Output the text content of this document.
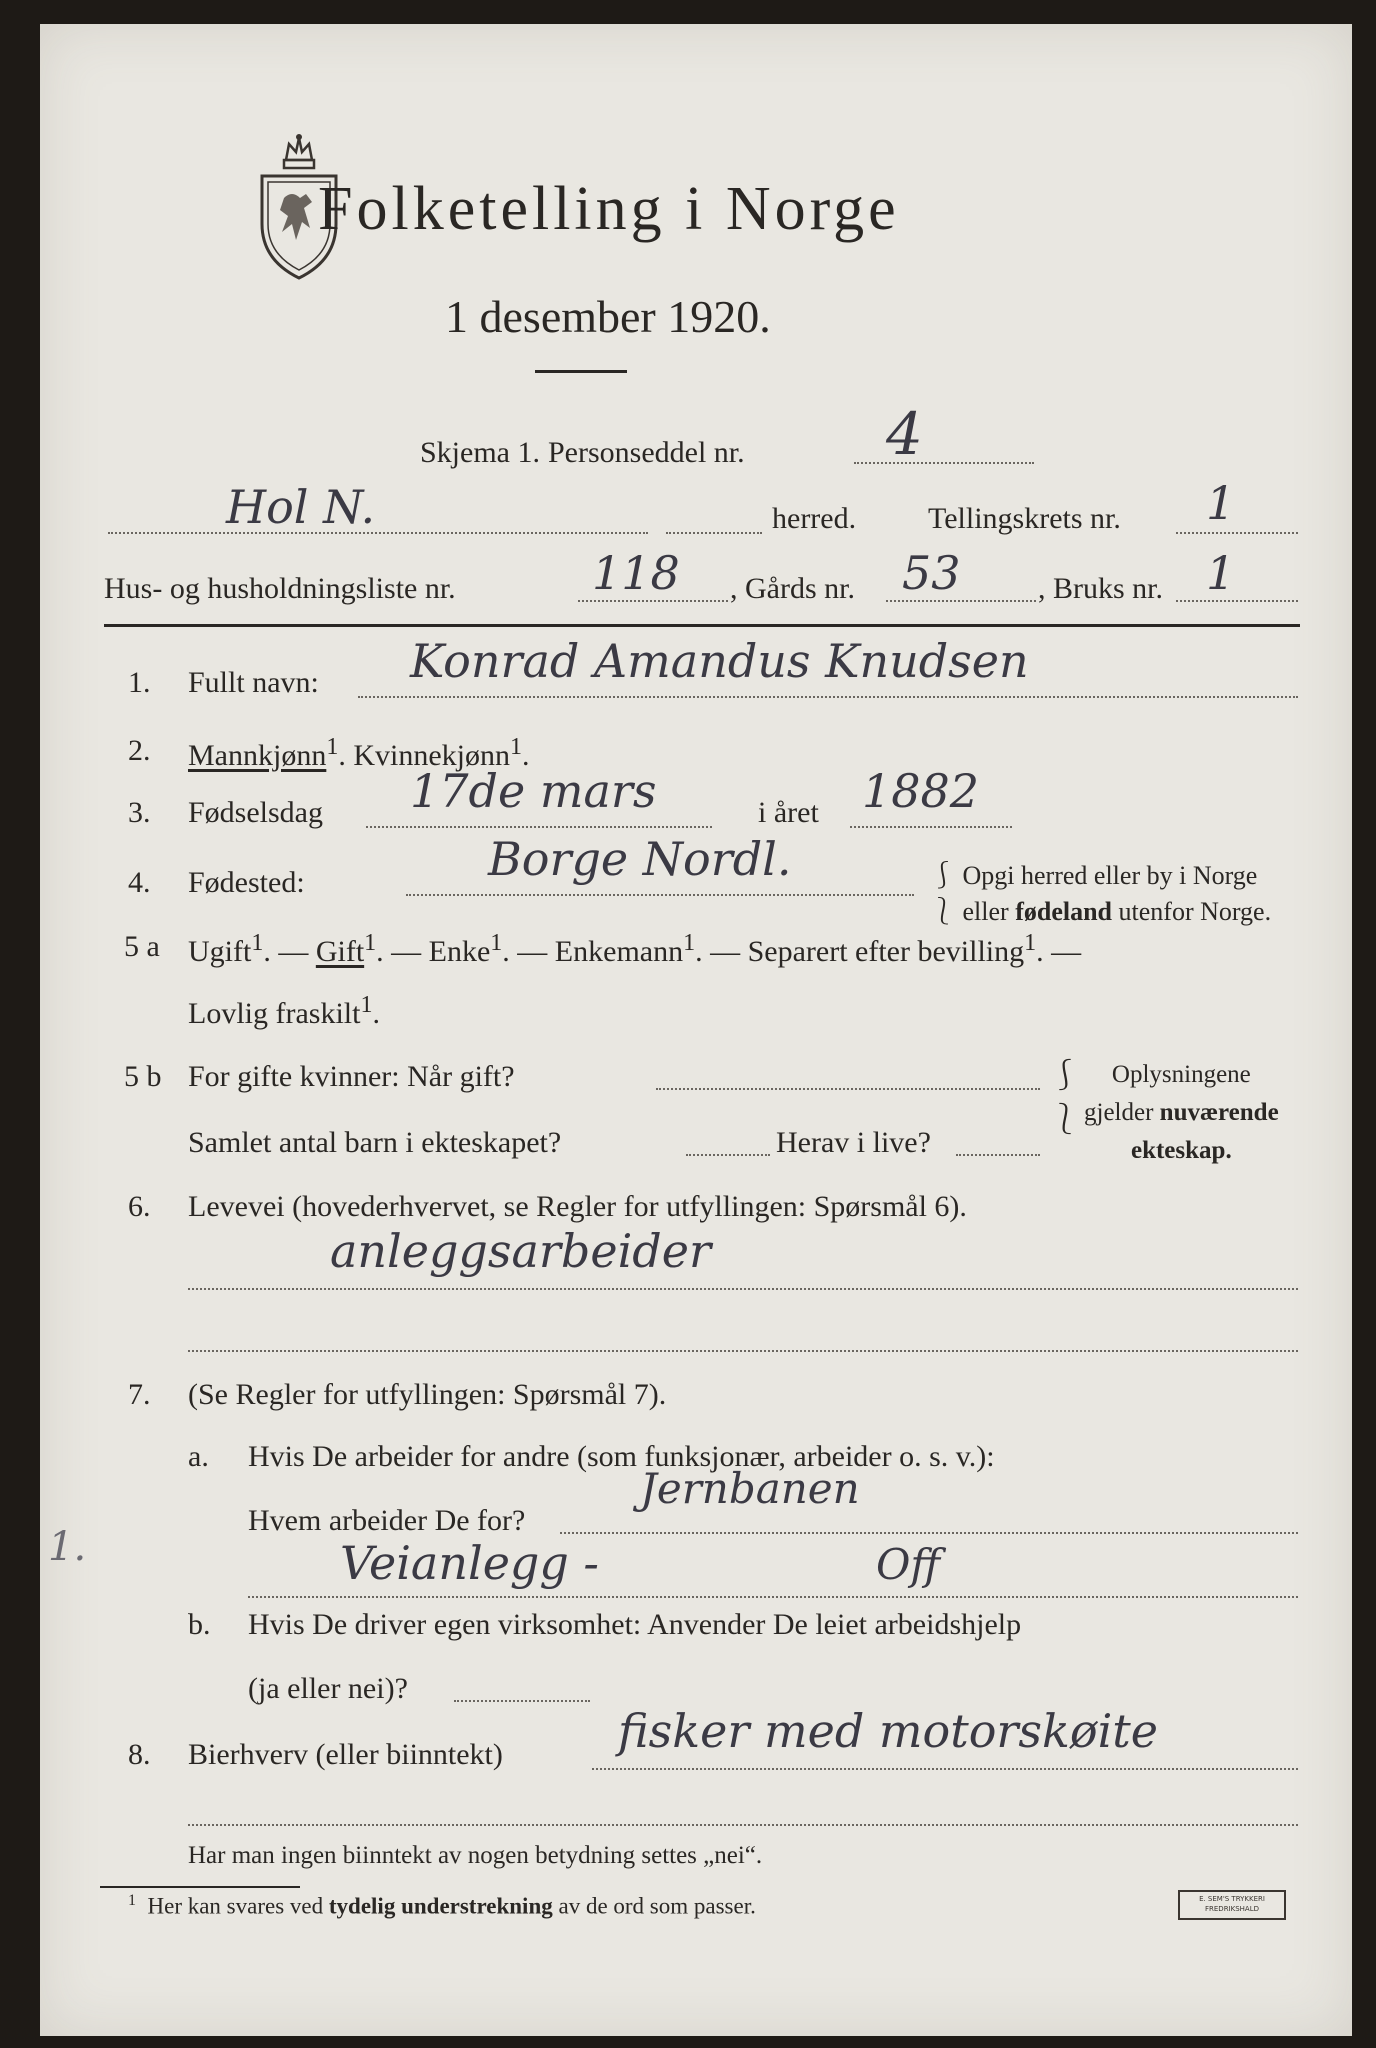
Folketelling i Norge
1 desember 1920.
Skjema 1. Personseddel nr. 4
Hol N.	herred. Tellingskrets nr. 1
Hus- og husholdningsliste nr.	118 , Gårds nr. 53	, Bruks nr. 1
1. Fullt navn: Konrad Amandus Knudsen
2. Mannkjønn$^1$. Kvinnekjønn$^1$.
3. Fødselsdag 17de mars	i året 1882
4. Fødested:	Borge Nordl.	⎰ Opgi herred eller by i Norge
⎱ eller fødeland utenfor Norge.
5 a Ugift$^1$. — Gift$^1$. — Enke$^1$. — Enkemann$^1$. — Separert efter bevilling$^1$. —
Lovlig fraskilt$^1$.
5 b For gifte kvinner: Når gift?
Samlet antal barn i ekteskapet?	Herav i live?
⎰
⎱
Oplysningene
gjelder nuværende
ekteskap.
6. Levevei (hovederhvervet, se Regler for utfyllingen: Spørsmål 6).
anleggsarbeider
7. (Se Regler for utfyllingen: Spørsmål 7).
a. Hvis De arbeider for andre (som funksjonær, arbeider o. s. v.):
Hvem arbeider De for?
Jernbanen
1.	Veianlegg -	Off
b. Hvis De driver egen virksomhet: Anvender De leiet arbeidshjelp
(ja eller nei)?
8. Bierhverv (eller biinntekt)	fisker med motorskøite
Har man ingen biinntekt av nogen betydning settes „nei“.
$^1$ Her kan svares ved tydelig understrekning av de ord som passer.	E. SEM'S TRYKKERI
FREDRIKSHALD
